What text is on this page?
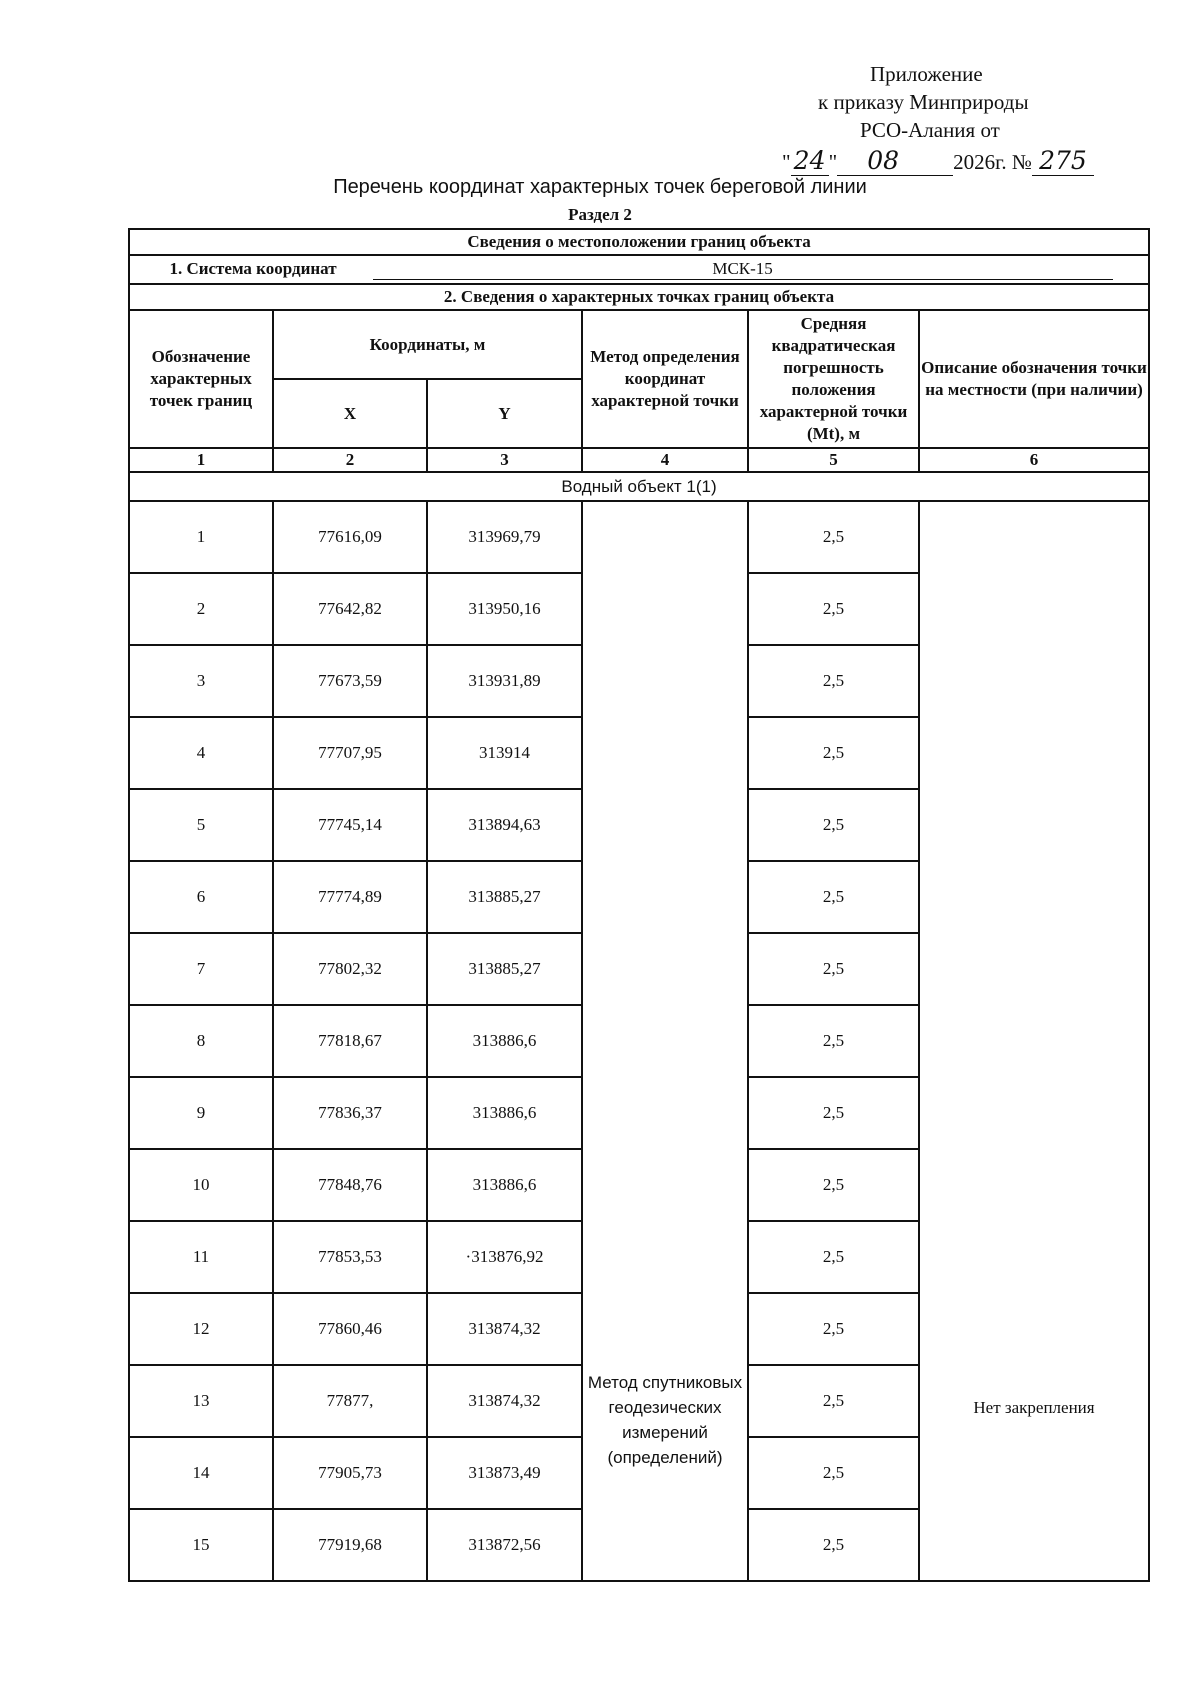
Приложение
к приказу Минприроды
РСО-Алания от
" 24 " 08	2026г. № 275
Перечень координат характерных точек береговой линии
Раздел 2
Сведения о местоположении границ объекта					
1. Система координат МСК-15					
2. Сведения о характерных точках границ объекта					
Обозначение характерных точек границ	Координаты, м		Метод определения координат характерной точки	Средняя квадратическая погрешность положения характерной точки (Mt), м	Описание обозначения точки на местности (при наличии)
	X	Y			
1	2	3	4	5	6
Водный объект 1(1)					
1	77616,09	313969,79	Метод спутниковых геодезических измерений (определений)	2,5	Нет закрепления
2	77642,82	313950,16		2,5	
3	77673,59	313931,89		2,5	
4	77707,95	313914		2,5	
5	77745,14	313894,63		2,5	
6	77774,89	313885,27		2,5	
7	77802,32	313885,27		2,5	
8	77818,67	313886,6		2,5	
9	77836,37	313886,6		2,5	
10	77848,76	313886,6		2,5	
11	77853,53	·313876,92		2,5	
12	77860,46	313874,32		2,5	
13	77877,	313874,32		2,5	
14	77905,73	313873,49		2,5	
15	77919,68	313872,56		2,5	
